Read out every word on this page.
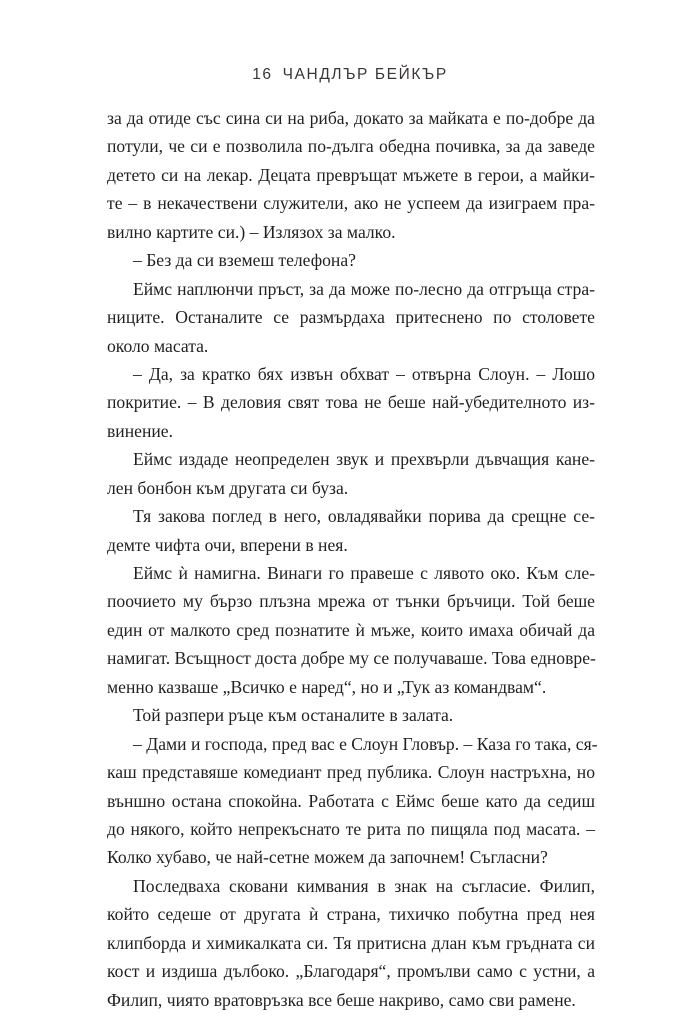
16 ЧАНДЛЪР БЕЙКЪР
за да отиде със сина си на риба, докато за майката е по-добре да
потули, че си е позволила по-дълга обедна почивка, за да заведе
детето си на лекар. Децата превръщат мъжете в герои, а майки-
те – в некачествени служители, ако не успеем да изиграем пра-
вилно картите си.) – Излязох за малко.
– Без да си вземеш телефона?
Еймс наплюнчи пръст, за да може по-лесно да отгръща стра-
ниците. Останалите се размърдаха притеснено по столовете
около масата.
– Да, за кратко бях извън обхват – отвърна Слоун. – Лошо
покритие. – В деловия свят това не беше най-убедителното из-
винение.
Еймс издаде неопределен звук и прехвърли дъвчащия кане-
лен бонбон към другата си буза.
Тя закова поглед в него, овладявайки порива да срещне се-
демте чифта очи, вперени в нея.
Еймс ѝ намигна. Винаги го правеше с лявото око. Към сле-
поочието му бързо плъзна мрежа от тънки бръчици. Той беше
един от малкото сред познатите ѝ мъже, които имаха обичай да
намигат. Всъщност доста добре му се получаваше. Това едновре-
менно казваше „Всичко е наред“, но и „Тук аз командвам“.
Той разпери ръце към останалите в залата.
– Дами и господа, пред вас е Слоун Гловър. – Каза го така, ся-
каш представяше комедиант пред публика. Слоун настръхна, но
външно остана спокойна. Работата с Еймс беше като да седиш
до някого, който непрекъснато те рита по пищяла под масата. –
Колко хубаво, че най-сетне можем да започнем! Съгласни?
Последваха сковани кимвания в знак на съгласие. Филип,
който седеше от другата ѝ страна, тихичко побутна пред нея
клипборда и химикалката си. Тя притисна длан към гръдната си
кост и издиша дълбоко. „Благодаря“, промълви само с устни, а
Филип, чиято вратовръзка все беше накриво, само сви рамене.
